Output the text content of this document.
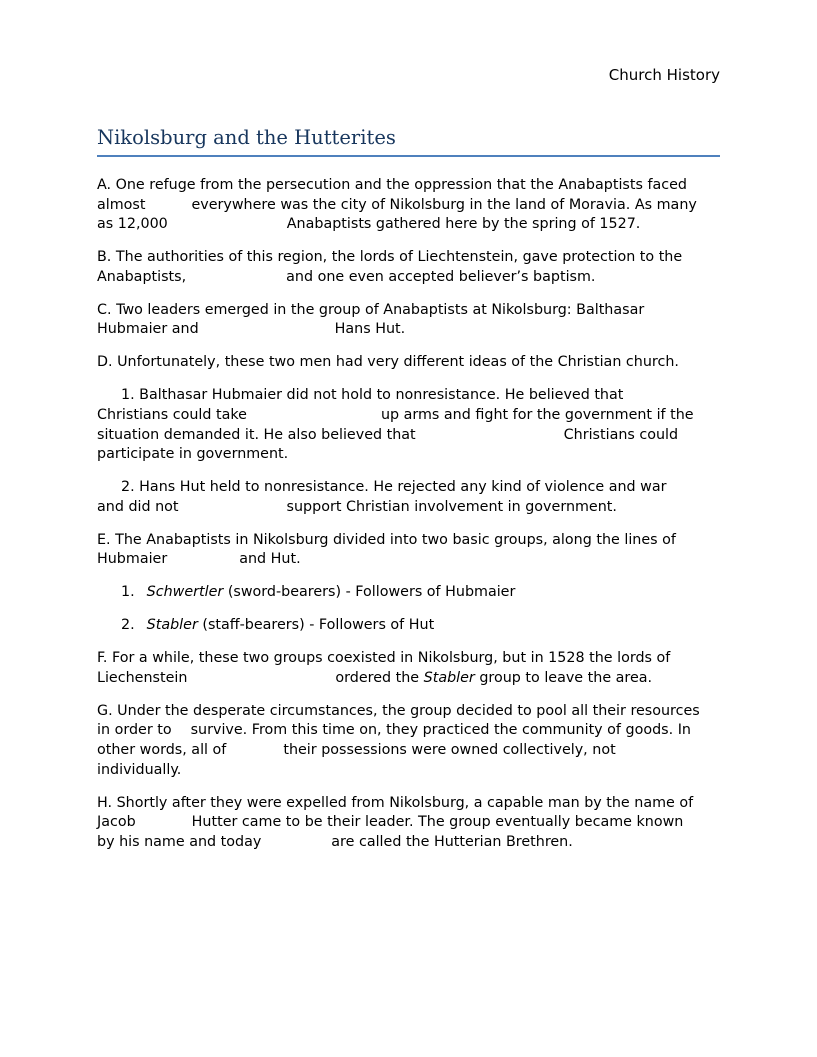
Church History
Nikolsburg and the Hutterites
A. One refuge from the persecution and the oppression that the Anabaptists faced
almost	everywhere was the city of Nikolsburg in the land of Moravia. As many
as 12,000	Anabaptists gathered here by the spring of 1527.
B. The authorities of this region, the lords of Liechtenstein, gave protection to the
Anabaptists,	and one even accepted believer’s baptism.
C. Two leaders emerged in the group of Anabaptists at Nikolsburg: Balthasar
Hubmaier and	Hans Hut.
D. Unfortunately, these two men had very different ideas of the Christian church.
1. Balthasar Hubmaier did not hold to nonresistance. He believed that
Christians could take	up arms and fight for the government if the
situation demanded it. He also believed that	Christians could
participate in government.
2. Hans Hut held to nonresistance. He rejected any kind of violence and war
and did not	support Christian involvement in government.
E. The Anabaptists in Nikolsburg divided into two basic groups, along the lines of
Hubmaier	and Hut.
1. Schwertler (sword-bearers) - Followers of Hubmaier
2. Stabler (staff-bearers) - Followers of Hut
F. For a while, these two groups coexisted in Nikolsburg, but in 1528 the lords of
Liechenstein	ordered the Stabler group to leave the area.
G. Under the desperate circumstances, the group decided to pool all their resources
in order to survive. From this time on, they practiced the community of goods. In
other words, all of	their possessions were owned collectively, not
individually.
H. Shortly after they were expelled from Nikolsburg, a capable man by the name of
Jacob	Hutter came to be their leader. The group eventually became known
by his name and today	are called the Hutterian Brethren.
